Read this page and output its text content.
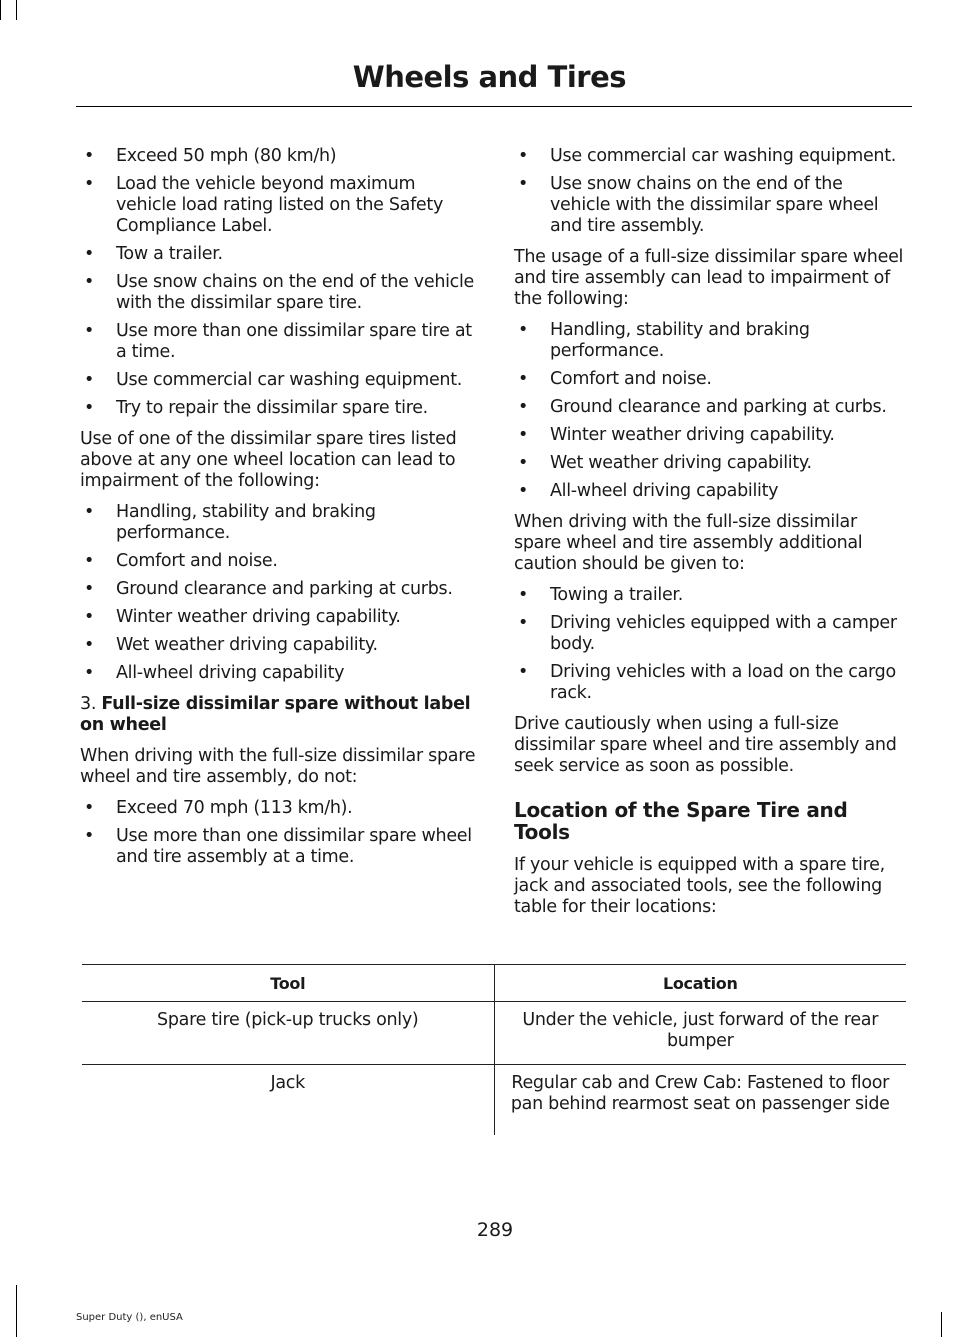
Wheels and Tires
• Exceed 50 mph (80 km/h)
• Load the vehicle beyond maximum vehicle load rating listed on the Safety Compliance Label.
• Tow a trailer.
• Use snow chains on the end of the vehicle with the dissimilar spare tire.
• Use more than one dissimilar spare tire at a time.
• Use commercial car washing equipment.
• Try to repair the dissimilar spare tire.

Use of one of the dissimilar spare tires listed above at any one wheel location can lead to impairment of the following:

• Handling, stability and braking performance.
• Comfort and noise.
• Ground clearance and parking at curbs.
• Winter weather driving capability.
• Wet weather driving capability.
• All-wheel driving capability

3. Full-size dissimilar spare without label on wheel

When driving with the full-size dissimilar spare wheel and tire assembly, do not:

• Exceed 70 mph (113 km/h).
• Use more than one dissimilar spare wheel and tire assembly at a time.
• Use commercial car washing equipment.
• Use snow chains on the end of the vehicle with the dissimilar spare wheel and tire assembly.

The usage of a full-size dissimilar spare wheel and tire assembly can lead to impairment of the following:

• Handling, stability and braking performance.
• Comfort and noise.
• Ground clearance and parking at curbs.
• Winter weather driving capability.
• Wet weather driving capability.
• All-wheel driving capability

When driving with the full-size dissimilar spare wheel and tire assembly additional caution should be given to:

• Towing a trailer.
• Driving vehicles equipped with a camper body.
• Driving vehicles with a load on the cargo rack.

Drive cautiously when using a full-size dissimilar spare wheel and tire assembly and seek service as soon as possible.

Location of the Spare Tire and Tools

If your vehicle is equipped with a spare tire, jack and associated tools, see the following table for their locations:

Tool	Location
Spare tire (pick-up trucks only)	Under the vehicle, just forward of the rear bumper
Jack	Regular cab and Crew Cab: Fastened to floor pan behind rearmost seat on passenger side
289
Super Duty (), enUSA
